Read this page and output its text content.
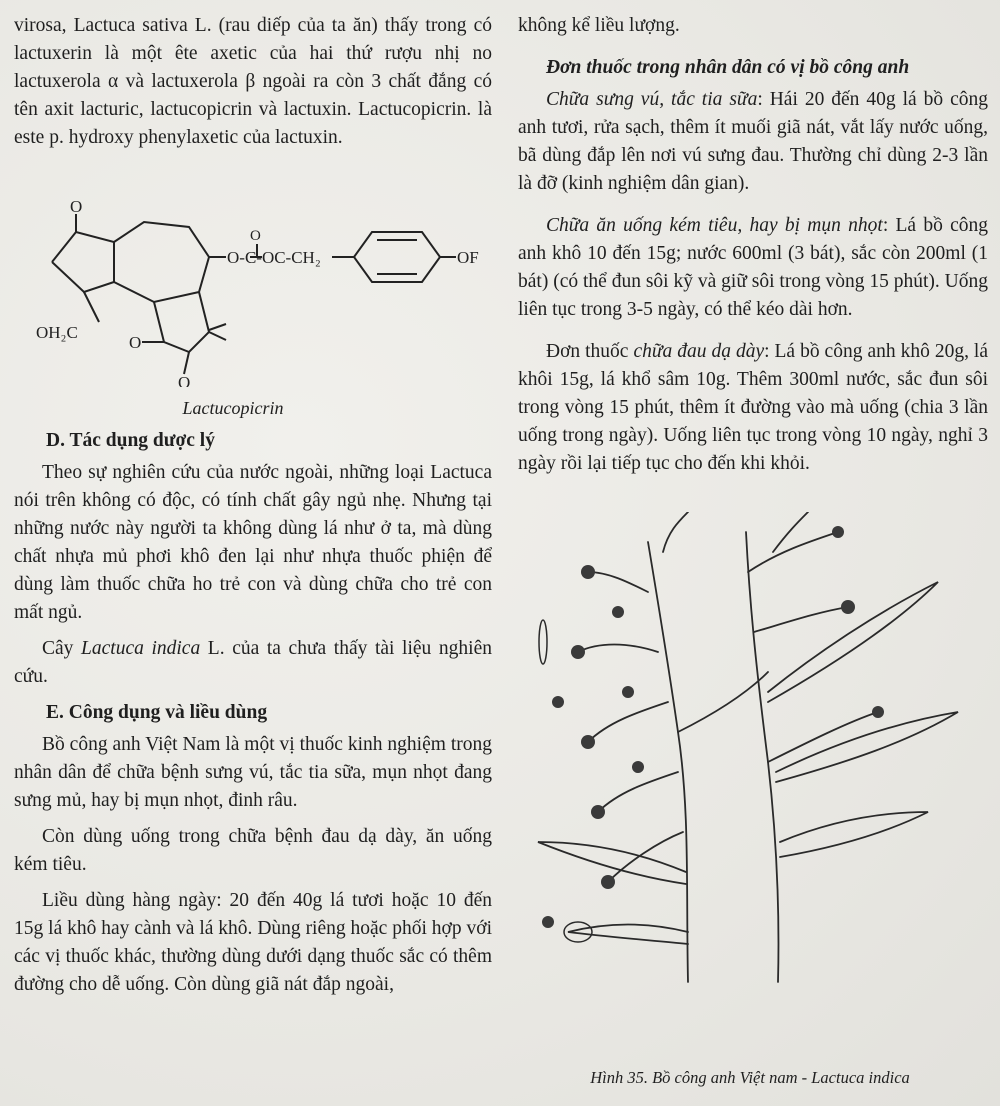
virosa, Lactuca sativa L. (rau diếp của ta ăn) thấy trong có lactuxerin là một ête axetic của hai thứ rượu nhị no lactuxerola α và lactuxerola β ngoài ra còn 3 chất đắng có tên axit lacturic, lactucopicrin và lactuxin. Lactucopicrin. là este p. hydroxy phenylaxetic của lactuxin.

O
OH₂C
O
O
O-C-OC-CH₂
O
OF
Lactucopicrin
D. Tác dụng dược lý

Theo sự nghiên cứu của nước ngoài, những loại Lactuca nói trên không có độc, có tính chất gây ngủ nhẹ. Nhưng tại những nước này người ta không dùng lá như ở ta, mà dùng chất nhựa mủ phơi khô đen lại như nhựa thuốc phiện để dùng làm thuốc chữa ho trẻ con và dùng chữa cho trẻ con mất ngủ.

Cây Lactuca indica L. của ta chưa thấy tài liệu nghiên cứu.

E. Công dụng và liều dùng

Bồ công anh Việt Nam là một vị thuốc kinh nghiệm trong nhân dân để chữa bệnh sưng vú, tắc tia sữa, mụn nhọt đang sưng mủ, hay bị mụn nhọt, đinh râu.

Còn dùng uống trong chữa bệnh đau dạ dày, ăn uống kém tiêu.

Liều dùng hàng ngày: 20 đến 40g lá tươi hoặc 10 đến 15g lá khô hay cành và lá khô. Dùng riêng hoặc phối hợp với các vị thuốc khác, thường dùng dưới dạng thuốc sắc có thêm đường cho dễ uống. Còn dùng giã nát đắp ngoài,

không kể liều lượng.

Đơn thuốc trong nhân dân có vị bồ công anh

Chữa sưng vú, tắc tia sữa: Hái 20 đến 40g lá bồ công anh tươi, rửa sạch, thêm ít muối giã nát, vắt lấy nước uống, bã dùng đắp lên nơi vú sưng đau. Thường chỉ dùng 2-3 lần là đỡ (kinh nghiệm dân gian).

Chữa ăn uống kém tiêu, hay bị mụn nhọt: Lá bồ công anh khô 10 đến 15g; nước 600ml (3 bát), sắc còn 200ml (1 bát) (có thể đun sôi kỹ và giữ sôi trong vòng 15 phút). Uống liên tục trong 3-5 ngày, có thể kéo dài hơn.

Đơn thuốc chữa đau dạ dày: Lá bồ công anh khô 20g, lá khôi 15g, lá khổ sâm 10g. Thêm 300ml nước, sắc đun sôi trong vòng 15 phút, thêm ít đường vào mà uống (chia 3 lần uống trong ngày). Uống liên tục trong vòng 10 ngày, nghỉ 3 ngày rồi lại tiếp tục cho đến khi khỏi.

Hình 35. Bồ công anh Việt nam - Lactuca indica
